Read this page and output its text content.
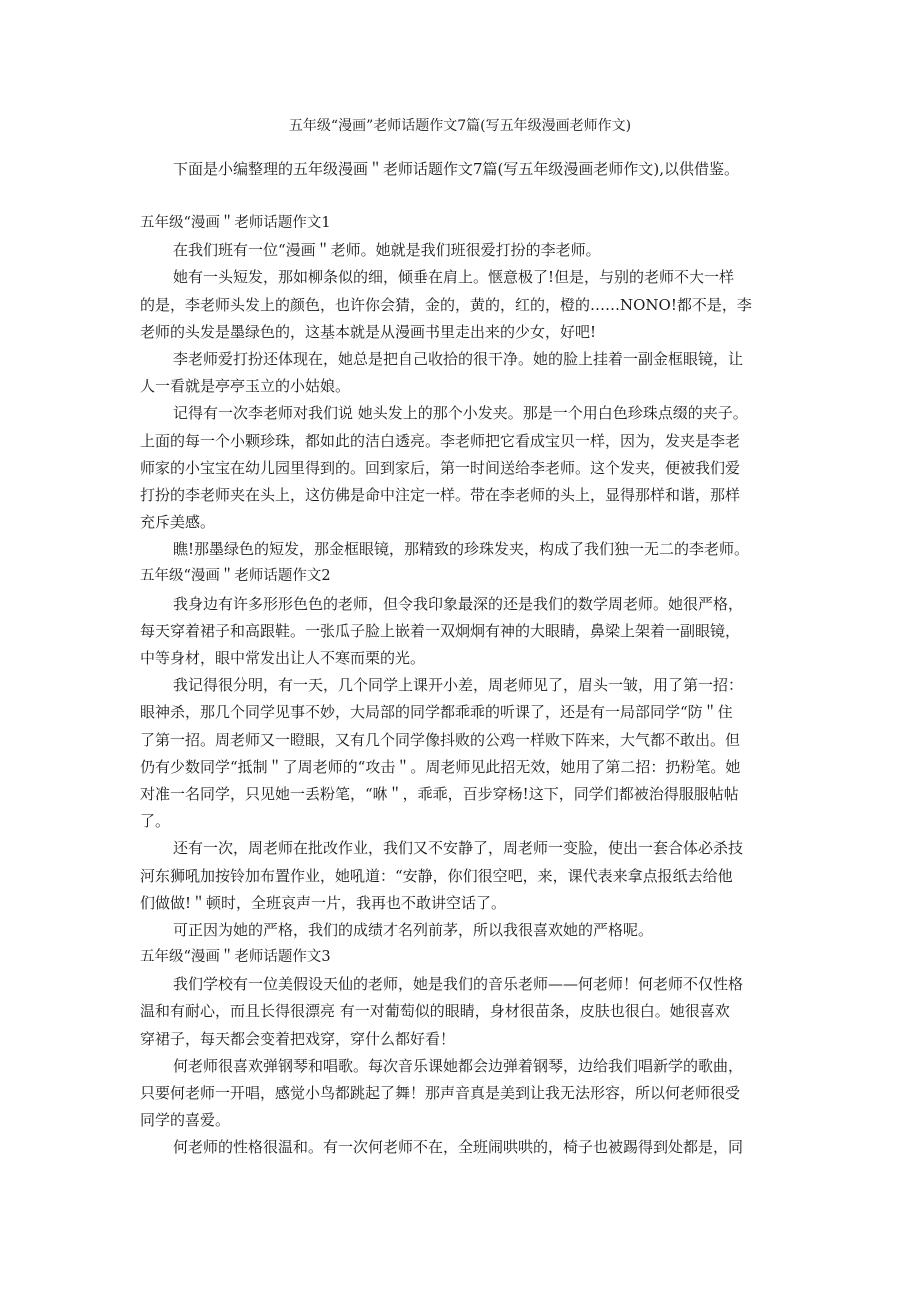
五年级“漫画”老师话题作文7篇(写五年级漫画老师作文)
下面是小编整理的五年级漫画＂老师话题作文7篇(写五年级漫画老师作文),以供借鉴。
五年级“漫画＂老师话题作文1
在我们班有一位“漫画＂老师。她就是我们班很爱打扮的李老师。
她有一头短发，那如柳条似的细，倾垂在肩上。惬意极了!但是，与别的老师不大一样
的是，李老师头发上的颜色，也许你会猜，金的，黄的，红的，橙的……NONO!都不是，李
老师的头发是墨绿色的，这基本就是从漫画书里走出来的少女，好吧!
李老师爱打扮还体现在，她总是把自己收拾的很干净。她的脸上挂着一副金框眼镜，让
人一看就是亭亭玉立的小姑娘。
记得有一次李老师对我们说 她头发上的那个小发夹。那是一个用白色珍珠点缀的夹子。
上面的每一个小颗珍珠，都如此的洁白透亮。李老师把它看成宝贝一样，因为，发夹是李老
师家的小宝宝在幼儿园里得到的。回到家后，第一时间送给李老师。这个发夹，便被我们爱
打扮的李老师夹在头上，这仿佛是命中注定一样。带在李老师的头上，显得那样和谐，那样
充斥美感。
瞧!那墨绿色的短发，那金框眼镜，那精致的珍珠发夹，构成了我们独一无二的李老师。
五年级“漫画＂老师话题作文2
我身边有许多形形色色的老师，但令我印象最深的还是我们的数学周老师。她很严格，
每天穿着裙子和高跟鞋。一张瓜子脸上嵌着一双炯炯有神的大眼睛，鼻梁上架着一副眼镜，
中等身材，眼中常发出让人不寒而栗的光。
我记得很分明，有一天，几个同学上课开小差，周老师见了，眉头一皱，用了第一招：
眼神杀，那几个同学见事不妙，大局部的同学都乖乖的听课了，还是有一局部同学“防＂住
了第一招。周老师又一瞪眼，又有几个同学像抖败的公鸡一样败下阵来，大气都不敢出。但
仍有少数同学“抵制＂了周老师的“攻击＂。周老师见此招无效，她用了第二招：扔粉笔。她
对准一名同学，只见她一丢粉笔，“咻＂，乖乖，百步穿杨!这下，同学们都被治得服服帖帖
了。
还有一次，周老师在批改作业，我们又不安静了，周老师一变脸，使出一套合体必杀技
河东狮吼加按铃加布置作业，她吼道：“安静，你们很空吧，来，课代表来拿点报纸去给他
们做做!＂顿时，全班哀声一片，我再也不敢讲空话了。
可正因为她的严格，我们的成绩才名列前茅，所以我很喜欢她的严格呢。
五年级“漫画＂老师话题作文3
我们学校有一位美假设天仙的老师，她是我们的音乐老师——何老师！何老师不仅性格
温和有耐心，而且长得很漂亮 有一对葡萄似的眼睛，身材很苗条，皮肤也很白。她很喜欢
穿裙子，每天都会变着把戏穿，穿什么都好看！
何老师很喜欢弹钢琴和唱歌。每次音乐课她都会边弹着钢琴，边给我们唱新学的歌曲，
只要何老师一开唱，感觉小鸟都跳起了舞！那声音真是美到让我无法形容，所以何老师很受
同学的喜爱。
何老师的性格很温和。有一次何老师不在，全班闹哄哄的，椅子也被踢得到处都是，同
